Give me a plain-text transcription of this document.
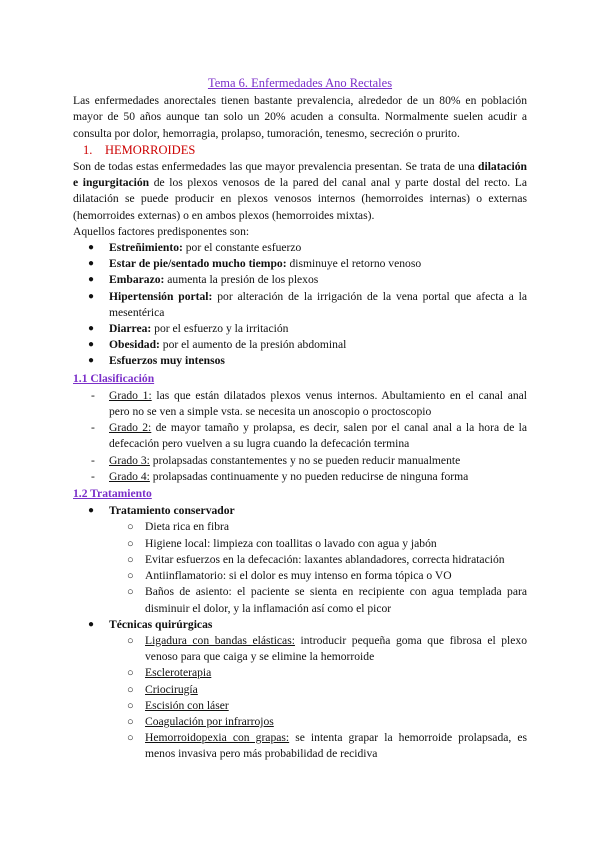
Tema 6. Enfermedades Ano Rectales

Las enfermedades anorectales tienen bastante prevalencia, alrededor de un 80% en población mayor de 50 años aunque tan solo un 20% acuden a consulta. Normalmente suelen acudir a consulta por dolor, hemorragia, prolapso, tumoración, tenesmo, secreción o prurito.

1. HEMORROIDES

Son de todas estas enfermedades las que mayor prevalencia presentan. Se trata de una dilatación e ingurgitación de los plexos venosos de la pared del canal anal y parte dostal del recto. La dilatación se puede producir en plexos venosos internos (hemorroides internas) o externas (hemorroides externas) o en ambos plexos (hemorroides mixtas).

Aquellos factores predisponentes son:

● Estreñimiento: por el constante esfuerzo
● Estar de pie/sentado mucho tiempo: disminuye el retorno venoso
● Embarazo: aumenta la presión de los plexos
● Hipertensión portal: por alteración de la irrigación de la vena portal que afecta a la mesentérica
● Diarrea: por el esfuerzo y la irritación
● Obesidad: por el aumento de la presión abdominal
● Esfuerzos muy intensos
1.1 Clasificación
- Grado 1: las que están dilatados plexos venus internos. Abultamiento en el canal anal pero no se ven a simple vsta. se necesita un anoscopio o proctoscopio
- Grado 2: de mayor tamaño y prolapsa, es decir, salen por el canal anal a la hora de la defecación pero vuelven a su lugra cuando la defecación termina
- Grado 3: prolapsadas constantementes y no se pueden reducir manualmente
- Grado 4: prolapsadas continuamente y no pueden reducirse de ninguna forma
1.2 Tratamiento
● Tratamiento conservador
○ Dieta rica en fibra
○ Higiene local: limpieza con toallitas o lavado con agua y jabón
○ Evitar esfuerzos en la defecación: laxantes ablandadores, correcta hidratación
○ Antiinflamatorio: si el dolor es muy intenso en forma tópica o VO
○ Baños de asiento: el paciente se sienta en recipiente con agua templada para disminuir el dolor, y la inflamación así como el picor
● Técnicas quirúrgicas
○ Ligadura con bandas elásticas: introducir pequeña goma que fibrosa el plexo venoso para que caiga y se elimine la hemorroide
○ Escleroterapia
○ Criocirugía
○ Escisión con láser
○ Coagulación por infrarrojos
○ Hemorroidopexia con grapas: se intenta grapar la hemorroide prolapsada, es menos invasiva pero más probabilidad de recidiva
